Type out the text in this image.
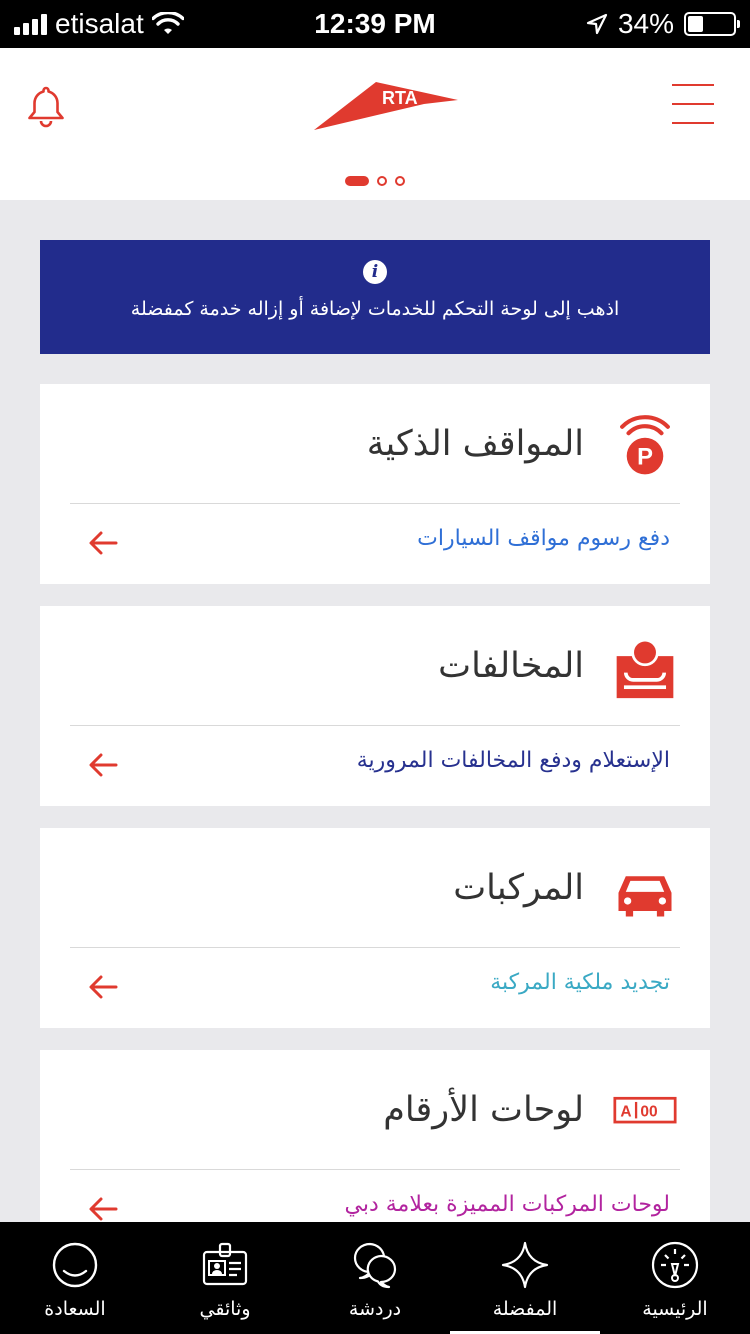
etisalat	12:39 PM	34%
RTA
i
اذهب إلى لوحة التحكم للخدمات لإضافة أو إزاله خدمة كمفضلة
P
المواقف الذكية
دفع رسوم مواقف السيارات
المخالفات
الإستعلام ودفع المخالفات المرورية
المركبات
تجديد ملكية المركبة
A 00
لوحات الأرقام
لوحات المركبات المميزة بعلامة دبي
الرئيسية
المفضلة
دردشة
وثائقي
السعادة
